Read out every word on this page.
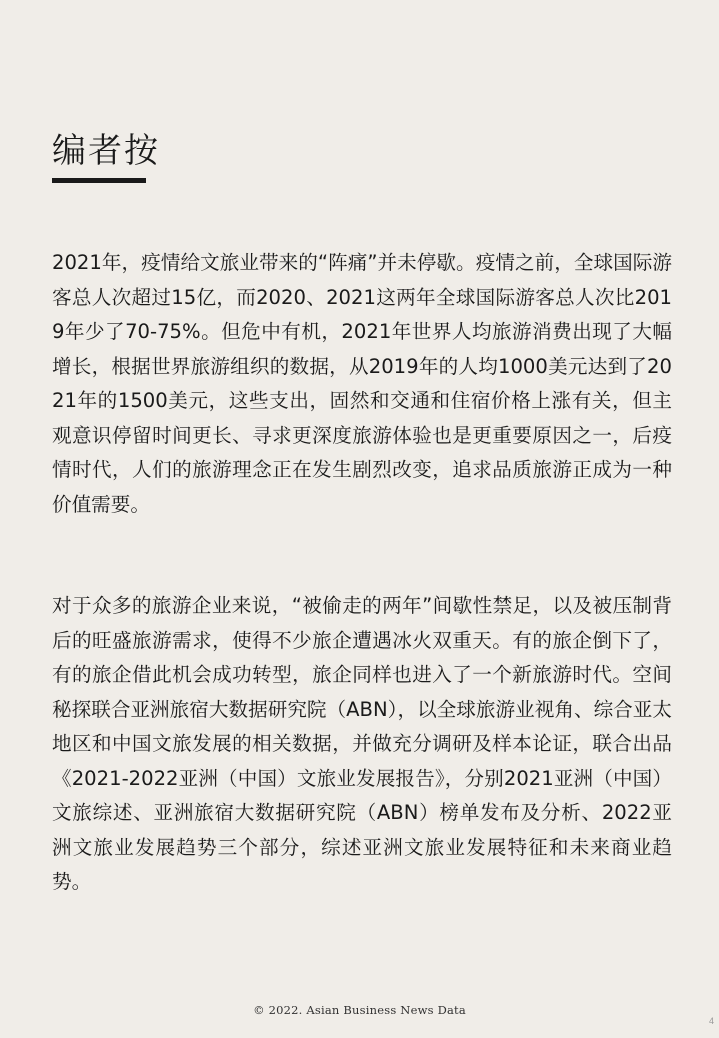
编者按

2021年，疫情给文旅业带来的“阵痛”并未停歇。疫情之前，全球国际游客总人次超过15亿，而2020、2021这两年全球国际游客总人次比2019年少了70-75%。但危中有机，2021年世界人均旅游消费出现了大幅增长，根据世界旅游组织的数据，从2019年的人均1000美元达到了2021年的1500美元，这些支出，固然和交通和住宿价格上涨有关，但主观意识停留时间更长、寻求更深度旅游体验也是更重要原因之一，后疫情时代，人们的旅游理念正在发生剧烈改变，追求品质旅游正成为一种价值需要。

对于众多的旅游企业来说，“被偷走的两年”间歇性禁足，以及被压制背后的旺盛旅游需求，使得不少旅企遭遇冰火双重天。有的旅企倒下了，有的旅企借此机会成功转型，旅企同样也进入了一个新旅游时代。空间秘探联合亚洲旅宿大数据研究院（ABN），以全球旅游业视角、综合亚太地区和中国文旅发展的相关数据，并做充分调研及样本论证，联合出品《2021-2022亚洲（中国）文旅业发展报告》，分别2021亚洲（中国）文旅综述、亚洲旅宿大数据研究院（ABN）榜单发布及分析、2022亚洲文旅业发展趋势三个部分，综述亚洲文旅业发展特征和未来商业趋势。

© 2022. Asian Business News Data
4
